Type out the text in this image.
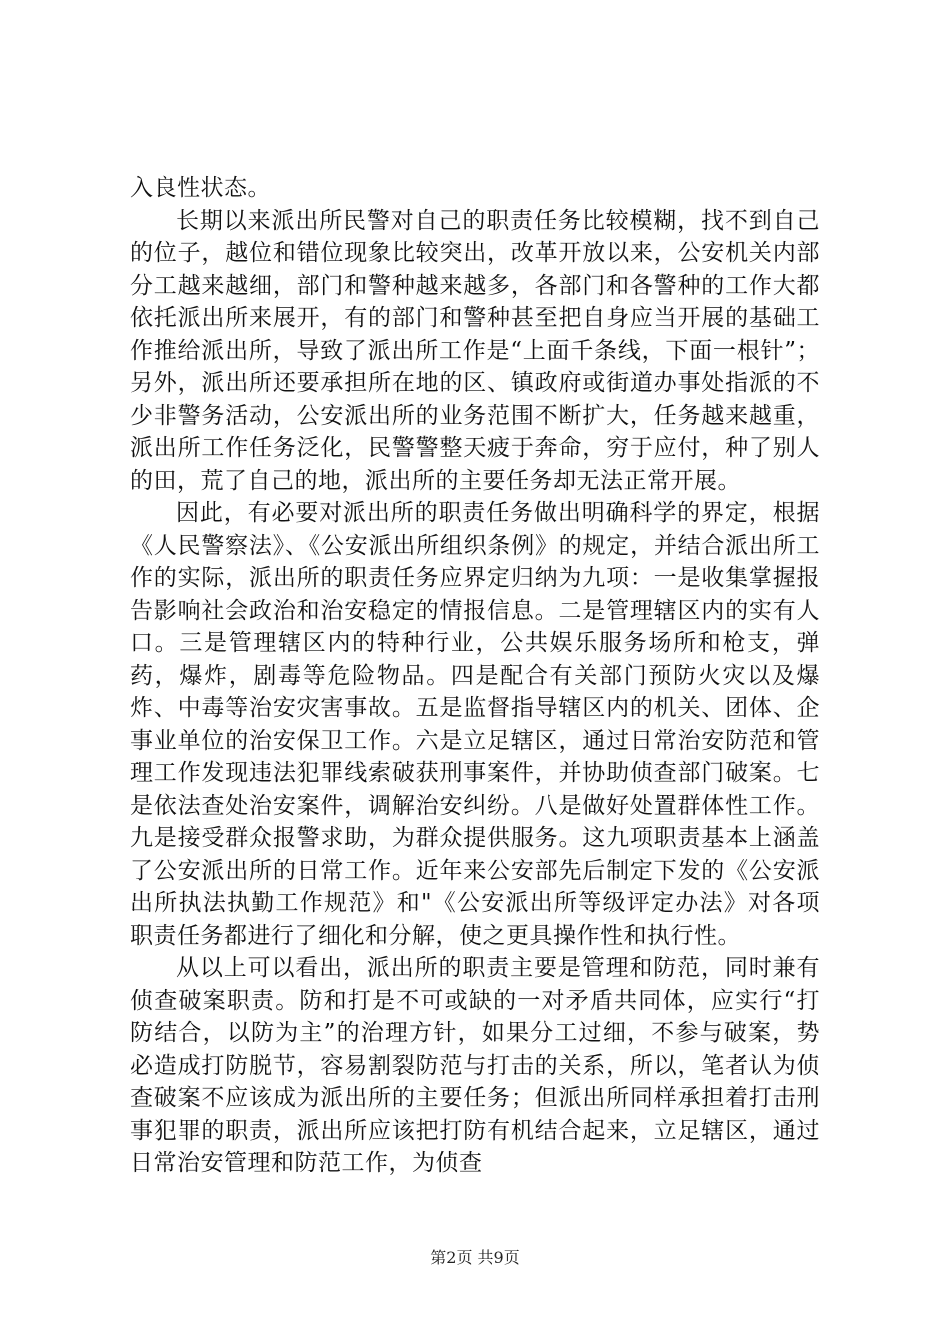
入良性状态。

长期以来派出所民警对自己的职责任务比较模糊，找不到自己的位子，越位和错位现象比较突出，改革开放以来，公安机关内部分工越来越细，部门和警种越来越多，各部门和各警种的工作大都依托派出所来展开，有的部门和警种甚至把自身应当开展的基础工作推给派出所，导致了派出所工作是“上面千条线，下面一根针”；另外，派出所还要承担所在地的区、镇政府或街道办事处指派的不少非警务活动，公安派出所的业务范围不断扩大，任务越来越重，派出所工作任务泛化，民警警整天疲于奔命，穷于应付，种了别人的田，荒了自己的地，派出所的主要任务却无法正常开展。

因此，有必要对派出所的职责任务做出明确科学的界定，根据《人民警察法》、《公安派出所组织条例》的规定，并结合派出所工作的实际，派出所的职责任务应界定归纳为九项：一是收集掌握报告影响社会政治和治安稳定的情报信息。二是管理辖区内的实有人口。三是管理辖区内的特种行业，公共娱乐服务场所和枪支，弹药，爆炸，剧毒等危险物品。四是配合有关部门预防火灾以及爆炸、中毒等治安灾害事故。五是监督指导辖区内的机关、团体、企事业单位的治安保卫工作。六是立足辖区，通过日常治安防范和管理工作发现违法犯罪线索破获刑事案件，并协助侦查部门破案。七是依法查处治安案件，调解治安纠纷。八是做好处置群体性工作。九是接受群众报警求助，为群众提供服务。这九项职责基本上涵盖了公安派出所的日常工作。近年来公安部先后制定下发的《公安派出所执法执勤工作规范》和"《公安派出所等级评定办法》对各项职责任务都进行了细化和分解，使之更具操作性和执行性。

从以上可以看出，派出所的职责主要是管理和防范，同时兼有侦查破案职责。防和打是不可或缺的一对矛盾共同体，应实行“打防结合，以防为主”的治理方针，如果分工过细，不参与破案，势必造成打防脱节，容易割裂防范与打击的关系，所以，笔者认为侦查破案不应该成为派出所的主要任务；但派出所同样承担着打击刑事犯罪的职责，派出所应该把打防有机结合起来，立足辖区，通过日常治安管理和防范工作，为侦查

第2页 共9页
